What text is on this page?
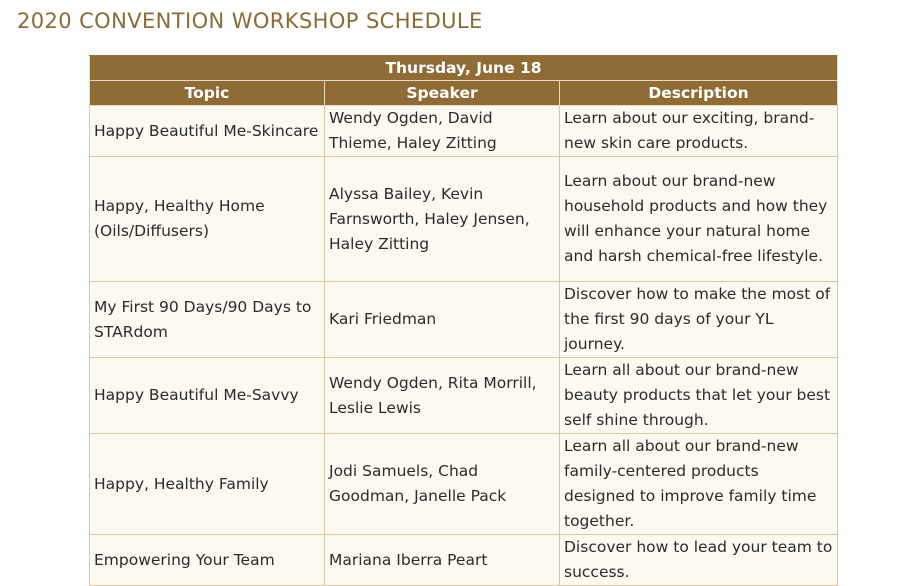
2020 CONVENTION WORKSHOP SCHEDULE
Thursday, June 18		
Topic	Speaker	Description
Happy Beautiful Me-Skincare	Wendy Ogden, David Thieme, Haley Zitting	Learn about our exciting, brand-new skin care products.
Happy, Healthy Home (Oils/Diffusers)	Alyssa Bailey, Kevin Farnsworth, Haley Jensen, Haley Zitting	Learn about our brand-new household products and how they will enhance your natural home and harsh chemical-free lifestyle.
My First 90 Days/90 Days to STARdom	Kari Friedman	Discover how to make the most of the first 90 days of your YL journey.
Happy Beautiful Me-Savvy	Wendy Ogden, Rita Morrill, Leslie Lewis	Learn all about our brand-new beauty products that let your best self shine through.
Happy, Healthy Family	Jodi Samuels, Chad Goodman, Janelle Pack	Learn all about our brand-new family-centered products designed to improve family time together.
Empowering Your Team	Mariana Iberra Peart	Discover how to lead your team to success.
